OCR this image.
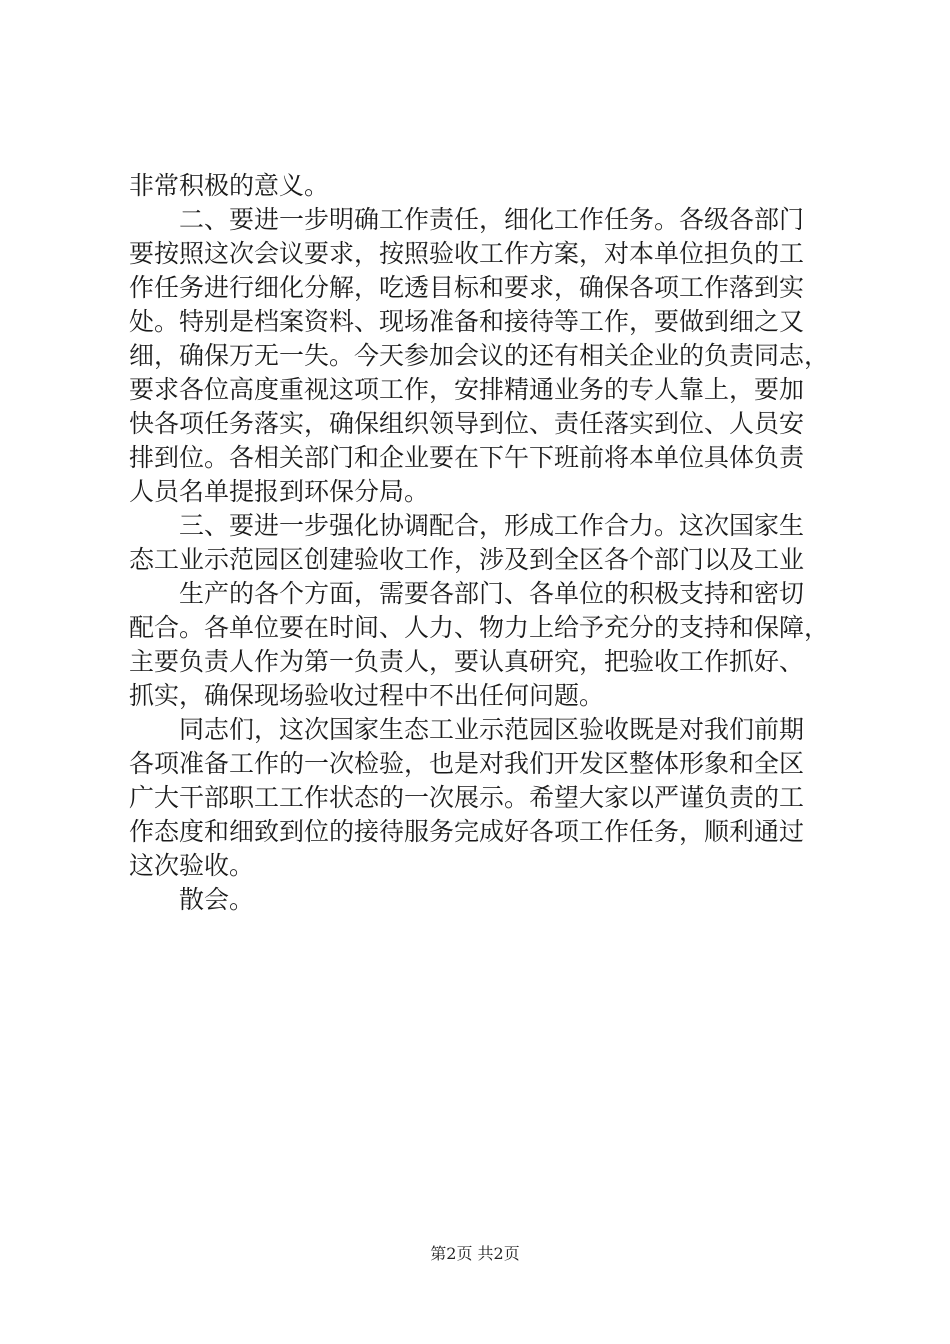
非常积极的意义。
二、要进一步明确工作责任，细化工作任务。各级各部门
要按照这次会议要求，按照验收工作方案，对本单位担负的工
作任务进行细化分解，吃透目标和要求，确保各项工作落到实
处。特别是档案资料、现场准备和接待等工作，要做到细之又
细，确保万无一失。今天参加会议的还有相关企业的负责同志，
要求各位高度重视这项工作，安排精通业务的专人靠上，要加
快各项任务落实，确保组织领导到位、责任落实到位、人员安
排到位。各相关部门和企业要在下午下班前将本单位具体负责
人员名单提报到环保分局。
三、要进一步强化协调配合，形成工作合力。这次国家生
态工业示范园区创建验收工作，涉及到全区各个部门以及工业
生产的各个方面，需要各部门、各单位的积极支持和密切
配合。各单位要在时间、人力、物力上给予充分的支持和保障，
主要负责人作为第一负责人，要认真研究，把验收工作抓好、
抓实，确保现场验收过程中不出任何问题。
同志们，这次国家生态工业示范园区验收既是对我们前期
各项准备工作的一次检验，也是对我们开发区整体形象和全区
广大干部职工工作状态的一次展示。希望大家以严谨负责的工
作态度和细致到位的接待服务完成好各项工作任务，顺利通过
这次验收。
散会。
第2页 共2页
